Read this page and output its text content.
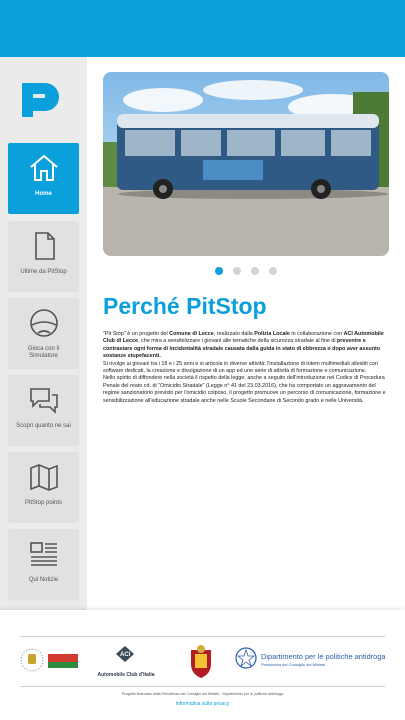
Home
Ultime da PitStop
Gioca con il Simulatore
Scopri quanto ne sai
PitStop points
Qui Notizie
Perché PitStop

"Pit Stop" è un progetto del Comune di Lecce, realizzato dalla Polizia Locale in collaborazione con ACI Automobile Club di Lecce, che mira a sensibilizzare i giovani alle tematiche della sicurezza stradale al fine di prevenire e contrastare ogni forma di incidentalità stradale causata dalla guida in stato di ebbrezza o dopo aver assunto sostanze stupefacenti.

Si rivolge ai giovani tra i 18 e i 25 anni e si articola in diverse attività: l'installazione di totem multimediali allestiti con software dedicati, la creazione e divulgazione di un app ed une serie di attività di formazione e comunicazione.

Nello spirito di diffondere nella società il rispetto della legge, anche a seguito dell'introduzione nel Codice di Procedura Penale del reato cd. di "Omicidio Stradale" (Legge n° 41 del 23.03.2016), che ha comportato un aggravamento del regime sanzionatorio previsto per l'omicidio colposo, il progetto promuove un percorso di comunicazione, formazione e sensibilizzazione all'educazione stradale anche nelle Scuole Secondarie di Secondo grado e nelle Università.

ACI
Automobile Club d'Italia
Dipartimento per le politiche antidroga
Presidenza del Consiglio dei Ministri
Progetto finanziato dalla Presidenza del Consiglio dei Ministri - Dipartimento per le politiche antidroga
Informativa sulla privacy
